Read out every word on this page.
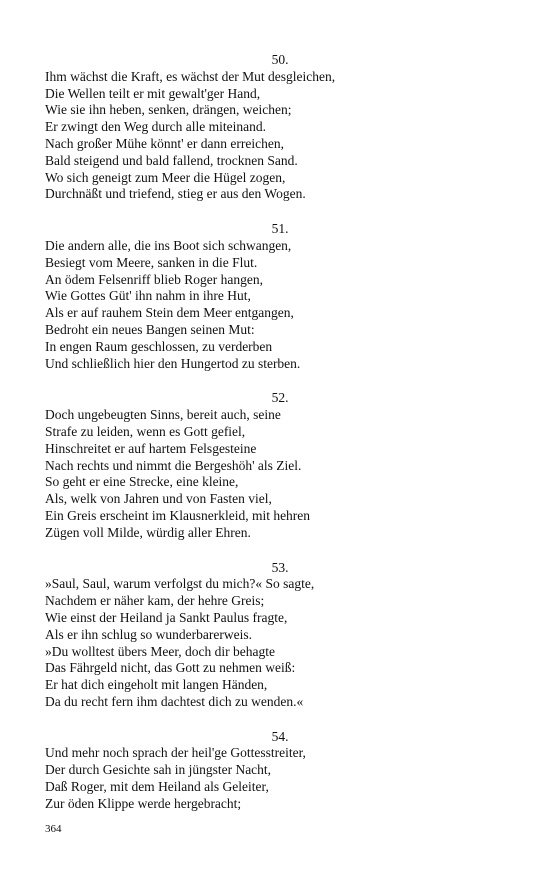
50.
Ihm wächst die Kraft, es wächst der Mut desgleichen,
Die Wellen teilt er mit gewalt'ger Hand,
Wie sie ihn heben, senken, drängen, weichen;
Er zwingt den Weg durch alle miteinand.
Nach großer Mühe könnt' er dann erreichen,
Bald steigend und bald fallend, trocknen Sand.
Wo sich geneigt zum Meer die Hügel zogen,
Durchnäßt und triefend, stieg er aus den Wogen.
51.
Die andern alle, die ins Boot sich schwangen,
Besiegt vom Meere, sanken in die Flut.
An ödem Felsenriff blieb Roger hangen,
Wie Gottes Güt' ihn nahm in ihre Hut,
Als er auf rauhem Stein dem Meer entgangen,
Bedroht ein neues Bangen seinen Mut:
In engen Raum geschlossen, zu verderben
Und schließlich hier den Hungertod zu sterben.
52.
Doch ungebeugten Sinns, bereit auch, seine
Strafe zu leiden, wenn es Gott gefiel,
Hinschreitet er auf hartem Felsgesteine
Nach rechts und nimmt die Bergeshöh' als Ziel.
So geht er eine Strecke, eine kleine,
Als, welk von Jahren und von Fasten viel,
Ein Greis erscheint im Klausnerkleid, mit hehren
Zügen voll Milde, würdig aller Ehren.
53.
»Saul, Saul, warum verfolgst du mich?« So sagte,
Nachdem er näher kam, der hehre Greis;
Wie einst der Heiland ja Sankt Paulus fragte,
Als er ihn schlug so wunderbarerweis.
»Du wolltest übers Meer, doch dir behagte
Das Fährgeld nicht, das Gott zu nehmen weiß:
Er hat dich eingeholt mit langen Händen,
Da du recht fern ihm dachtest dich zu wenden.«
54.
Und mehr noch sprach der heil'ge Gottesstreiter,
Der durch Gesichte sah in jüngster Nacht,
Daß Roger, mit dem Heiland als Geleiter,
Zur öden Klippe werde hergebracht;
364
